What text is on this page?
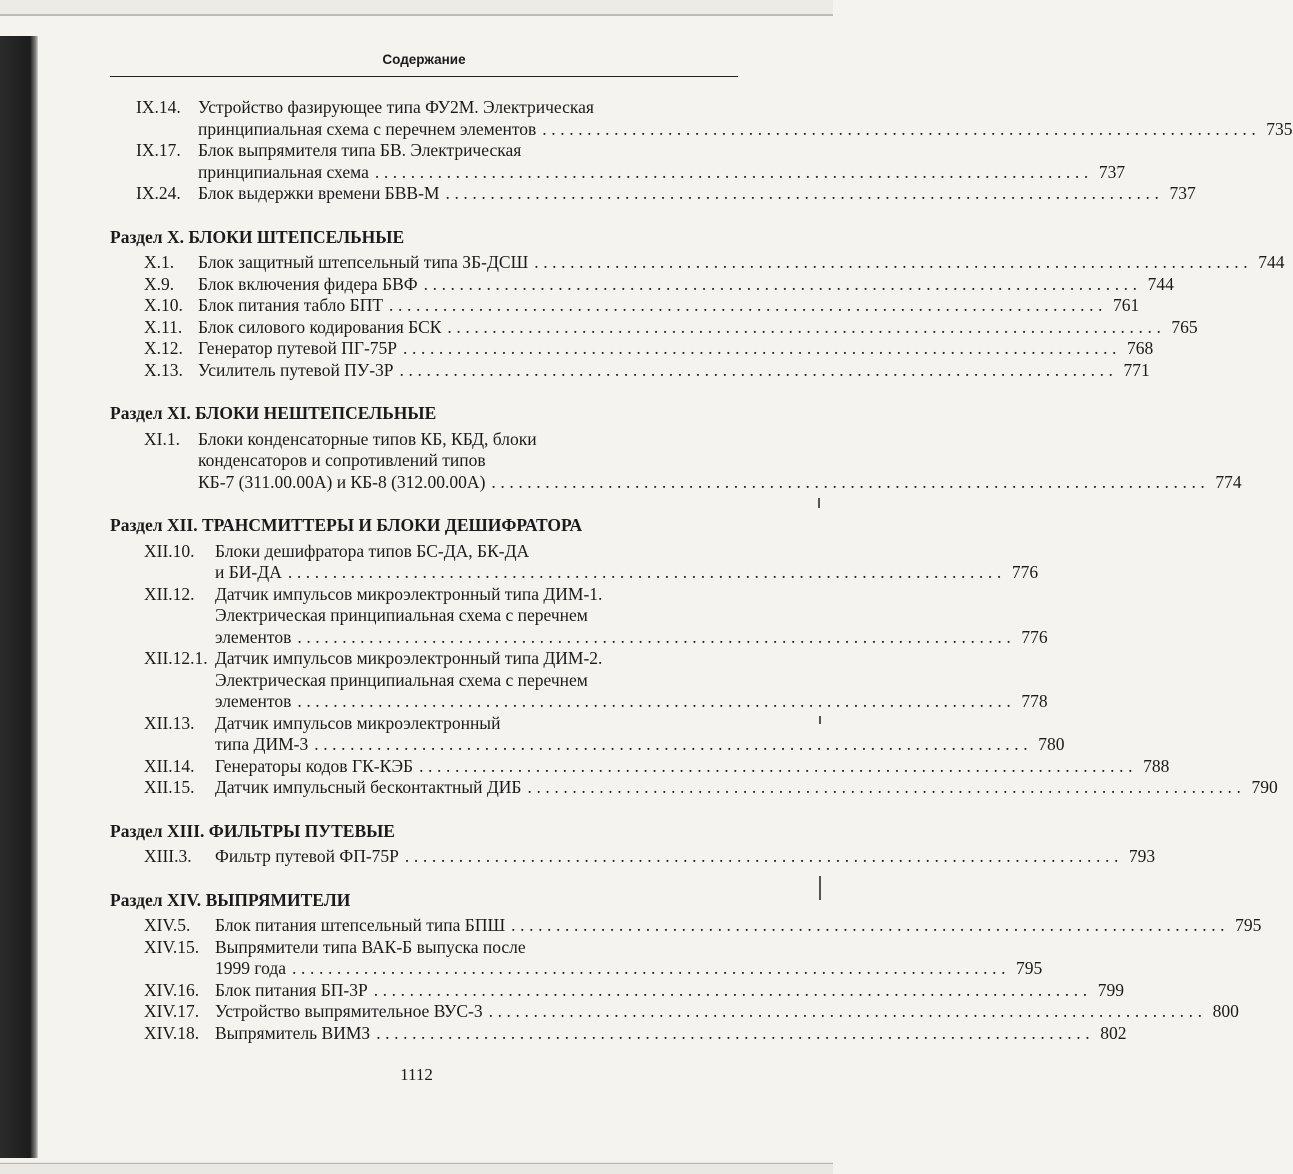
Содержание
IX.14. Устройство фазирующее типа ФУ2М. Электрическая
принципиальная схема с перечнем элементов ................................................................................ 735
IX.17. Блок выпрямителя типа БВ. Электрическая
принципиальная схема ................................................................................ 737
IX.24. Блок выдержки времени БВВ-М ................................................................................ 737
Раздел X. БЛОКИ ШТЕПСЕЛЬНЫЕ
X.1. Блок защитный штепсельный типа ЗБ-ДСШ ................................................................................ 744
X.9. Блок включения фидера БВФ ................................................................................ 744
X.10. Блок питания табло БПТ ................................................................................ 761
X.11. Блок силового кодирования БСК ................................................................................ 765
X.12. Генератор путевой ПГ-75Р ................................................................................ 768
X.13. Усилитель путевой ПУ-3Р ................................................................................ 771
Раздел XI. БЛОКИ НЕШТЕПСЕЛЬНЫЕ
XI.1. Блоки конденсаторные типов КБ, КБД, блоки
конденсаторов и сопротивлений типов
КБ-7 (311.00.00А) и КБ-8 (312.00.00А) ................................................................................ 774
Раздел XII. ТРАНСМИТТЕРЫ И БЛОКИ ДЕШИФРАТОРА
XII.10. Блоки дешифратора типов БС-ДА, БК-ДА
и БИ-ДА ................................................................................ 776
XII.12. Датчик импульсов микроэлектронный типа ДИМ-1.
Электрическая принципиальная схема с перечнем
элементов ................................................................................ 776
XII.12.1. Датчик импульсов микроэлектронный типа ДИМ-2.
Электрическая принципиальная схема с перечнем
элементов ................................................................................ 778
XII.13. Датчик импульсов микроэлектронный
типа ДИМ-3 ................................................................................ 780
XII.14. Генераторы кодов ГК-КЭБ ................................................................................ 788
XII.15. Датчик импульсный бесконтактный ДИБ ................................................................................ 790
Раздел XIII. ФИЛЬТРЫ ПУТЕВЫЕ
XIII.3. Фильтр путевой ФП-75Р ................................................................................ 793
Раздел XIV. ВЫПРЯМИТЕЛИ
XIV.5. Блок питания штепсельный типа БПШ ................................................................................ 795
XIV.15. Выпрямители типа ВАК-Б выпуска после
1999 года ................................................................................ 795
XIV.16. Блок питания БП-3Р ................................................................................ 799
XIV.17. Устройство выпрямительное ВУС-3 ................................................................................ 800
XIV.18. Выпрямитель ВИМЗ ................................................................................ 802
1112
